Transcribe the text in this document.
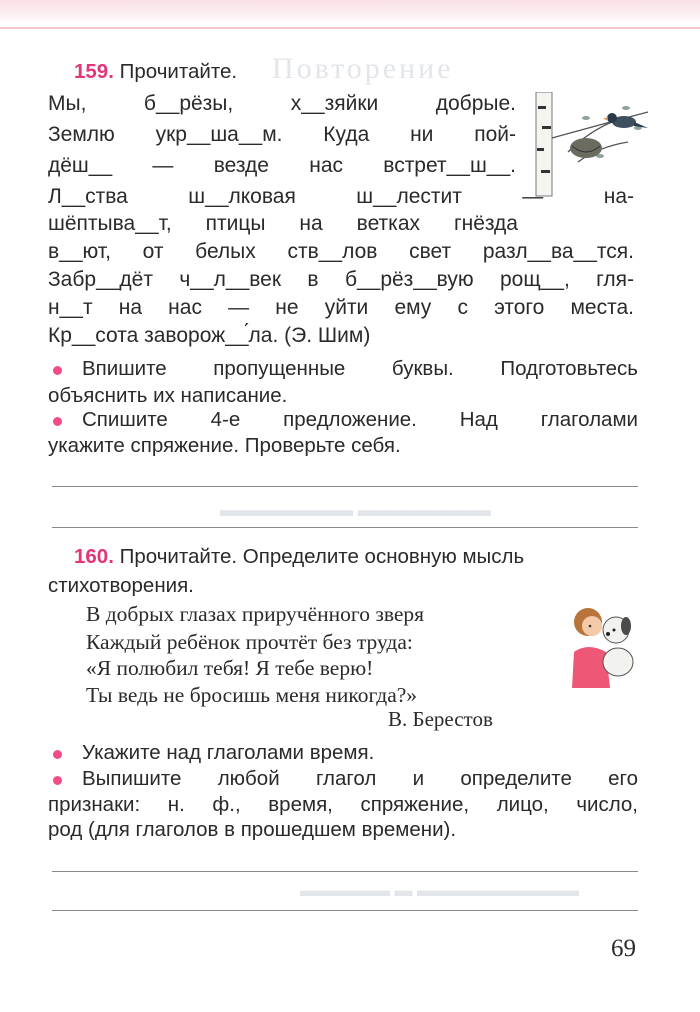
Повторение
▬▬▬▬▬▬▬ ▬▬▬▬▬▬▬
▬▬▬▬▬ ▬ ▬▬▬▬▬▬▬▬▬
159. Прочитайте.
Мы, б__рёзы, х__зяйки добрые.
Землю укр__ша__м. Куда ни пой-
дёш__ — везде нас встрет__ш__.
Л__ства ш__лковая ш__лестит — на-
шёптыва__т, птицы на ветках гнёзда
в__ют, от белых ств__лов свет разл__ва__тся.
Забр__дёт ч__л__век в б__рёз__вую рощ__, гля-
н__т на нас — не уйти ему с этого места.
Кр__сота заворож__́ла. (Э. Шим)
Впишите пропущенные буквы. Подготовьтесь
объяснить их написание.
Спишите 4-е предложение. Над глаголами
укажите спряжение. Проверьте себя.
160. Прочитайте. Определите основную мысль
стихотворения.
В добрых глазах приручённого зверя
Каждый ребёнок прочтёт без труда:
«Я полюбил тебя! Я тебе верю!
Ты ведь не бросишь меня никогда?»
В. Берестов
Укажите над глаголами время.
Выпишите любой глагол и определите его
признаки: н. ф., время, спряжение, лицо, число,
род (для глаголов в прошедшем времени).
69
